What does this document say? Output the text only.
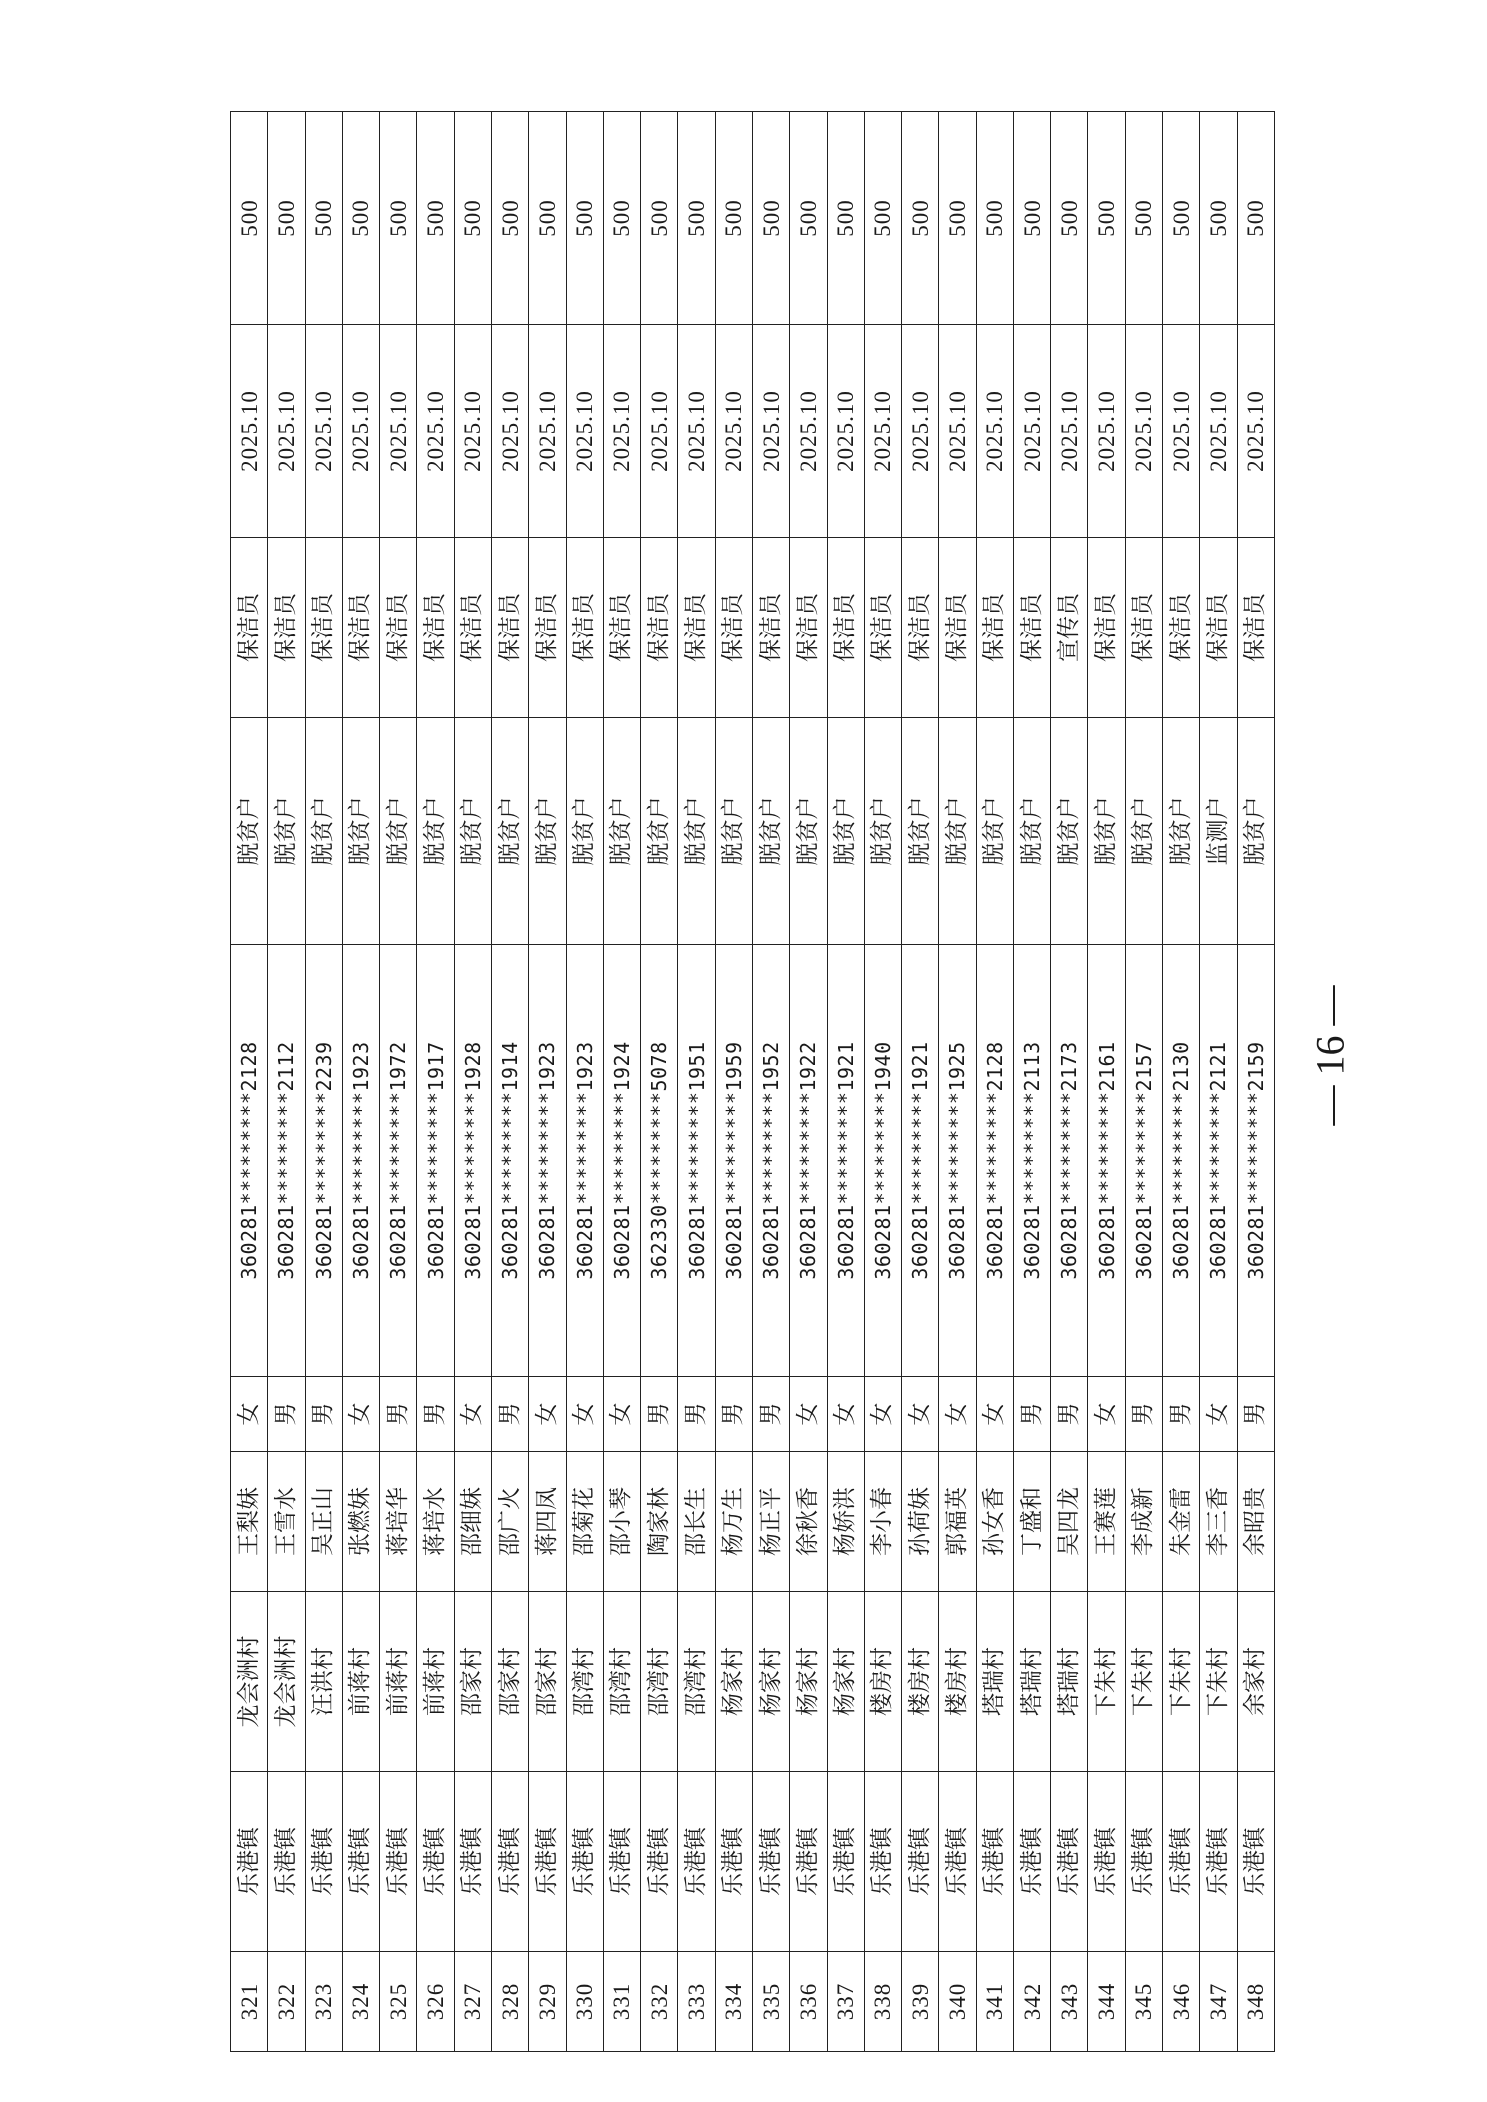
321	乐港镇	龙会洲村	王梨妹	女	360281*********2128	脱贫户	保洁员	2025.10	500
322	乐港镇	龙会洲村	王雪水	男	360281*********2112	脱贫户	保洁员	2025.10	500
323	乐港镇	汪洪村	吴正山	男	360281*********2239	脱贫户	保洁员	2025.10	500
324	乐港镇	前蒋村	张燃妹	女	360281*********1923	脱贫户	保洁员	2025.10	500
325	乐港镇	前蒋村	蒋培华	男	360281*********1972	脱贫户	保洁员	2025.10	500
326	乐港镇	前蒋村	蒋培水	男	360281*********1917	脱贫户	保洁员	2025.10	500
327	乐港镇	邵家村	邵细妹	女	360281*********1928	脱贫户	保洁员	2025.10	500
328	乐港镇	邵家村	邵广火	男	360281*********1914	脱贫户	保洁员	2025.10	500
329	乐港镇	邵家村	蒋四凤	女	360281*********1923	脱贫户	保洁员	2025.10	500
330	乐港镇	邵湾村	邵菊花	女	360281*********1923	脱贫户	保洁员	2025.10	500
331	乐港镇	邵湾村	邵小琴	女	360281*********1924	脱贫户	保洁员	2025.10	500
332	乐港镇	邵湾村	陶家林	男	362330*********5078	脱贫户	保洁员	2025.10	500
333	乐港镇	邵湾村	邵长生	男	360281*********1951	脱贫户	保洁员	2025.10	500
334	乐港镇	杨家村	杨万生	男	360281*********1959	脱贫户	保洁员	2025.10	500
335	乐港镇	杨家村	杨正平	男	360281*********1952	脱贫户	保洁员	2025.10	500
336	乐港镇	杨家村	徐秋香	女	360281*********1922	脱贫户	保洁员	2025.10	500
337	乐港镇	杨家村	杨娇洪	女	360281*********1921	脱贫户	保洁员	2025.10	500
338	乐港镇	楼房村	李小春	女	360281*********1940	脱贫户	保洁员	2025.10	500
339	乐港镇	楼房村	孙荷妹	女	360281*********1921	脱贫户	保洁员	2025.10	500
340	乐港镇	楼房村	郭福英	女	360281*********1925	脱贫户	保洁员	2025.10	500
341	乐港镇	塔瑞村	孙女香	女	360281*********2128	脱贫户	保洁员	2025.10	500
342	乐港镇	塔瑞村	丁盛和	男	360281*********2113	脱贫户	保洁员	2025.10	500
343	乐港镇	塔瑞村	吴四龙	男	360281*********2173	脱贫户	宣传员	2025.10	500
344	乐港镇	下朱村	王赛莲	女	360281*********2161	脱贫户	保洁员	2025.10	500
345	乐港镇	下朱村	李成新	男	360281*********2157	脱贫户	保洁员	2025.10	500
346	乐港镇	下朱村	朱金雷	男	360281*********2130	脱贫户	保洁员	2025.10	500
347	乐港镇	下朱村	李三香	女	360281*********2121	监测户	保洁员	2025.10	500
348	乐港镇	余家村	余昭贵	男	360281*********2159	脱贫户	保洁员	2025.10	500
— 16 —
